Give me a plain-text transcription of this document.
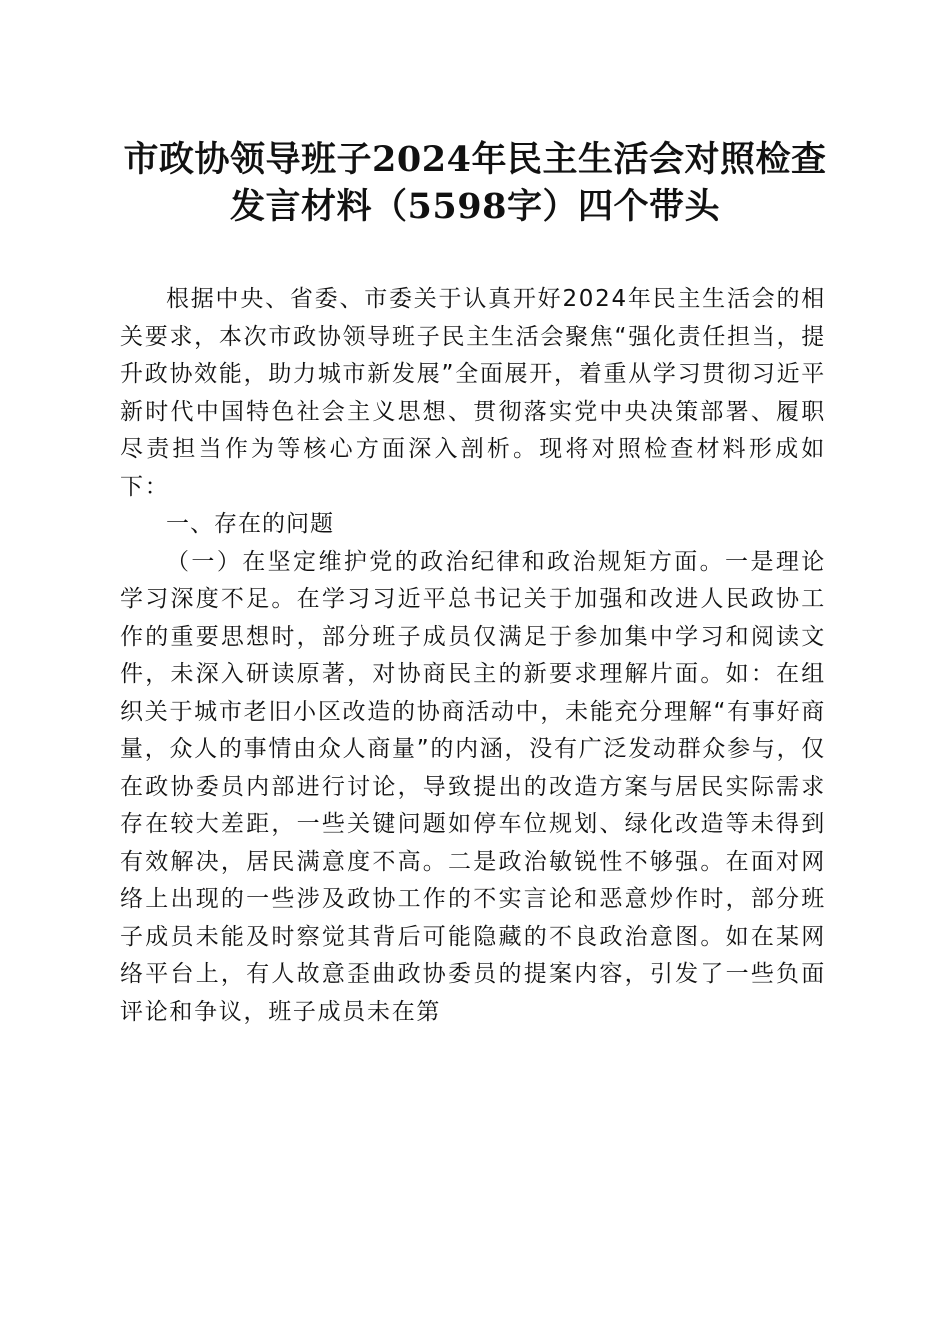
市政协领导班子2024年民主生活会对照检查
发言材料（5598字）四个带头

根据中央、省委、市委关于认真开好2024年民主生活会的相关要求，本次市政协领导班子民主生活会聚焦“强化责任担当，提升政协效能，助力城市新发展”全面展开，着重从学习贯彻习近平新时代中国特色社会主义思想、贯彻落实党中央决策部署、履职尽责担当作为等核心方面深入剖析。现将对照检查材料形成如下：

一、存在的问题

（一）在坚定维护党的政治纪律和政治规矩方面。一是理论学习深度不足。在学习习近平总书记关于加强和改进人民政协工作的重要思想时，部分班子成员仅满足于参加集中学习和阅读文件，未深入研读原著，对协商民主的新要求理解片面。如：在组织关于城市老旧小区改造的协商活动中，未能充分理解“有事好商量，众人的事情由众人商量”的内涵，没有广泛发动群众参与，仅在政协委员内部进行讨论，导致提出的改造方案与居民实际需求存在较大差距，一些关键问题如停车位规划、绿化改造等未得到有效解决，居民满意度不高。二是政治敏锐性不够强。在面对网络上出现的一些涉及政协工作的不实言论和恶意炒作时，部分班子成员未能及时察觉其背后可能隐藏的不良政治意图。如在某网络平台上，有人故意歪曲政协委员的提案内容，引发了一些负面评论和争议，班子成员未在第
